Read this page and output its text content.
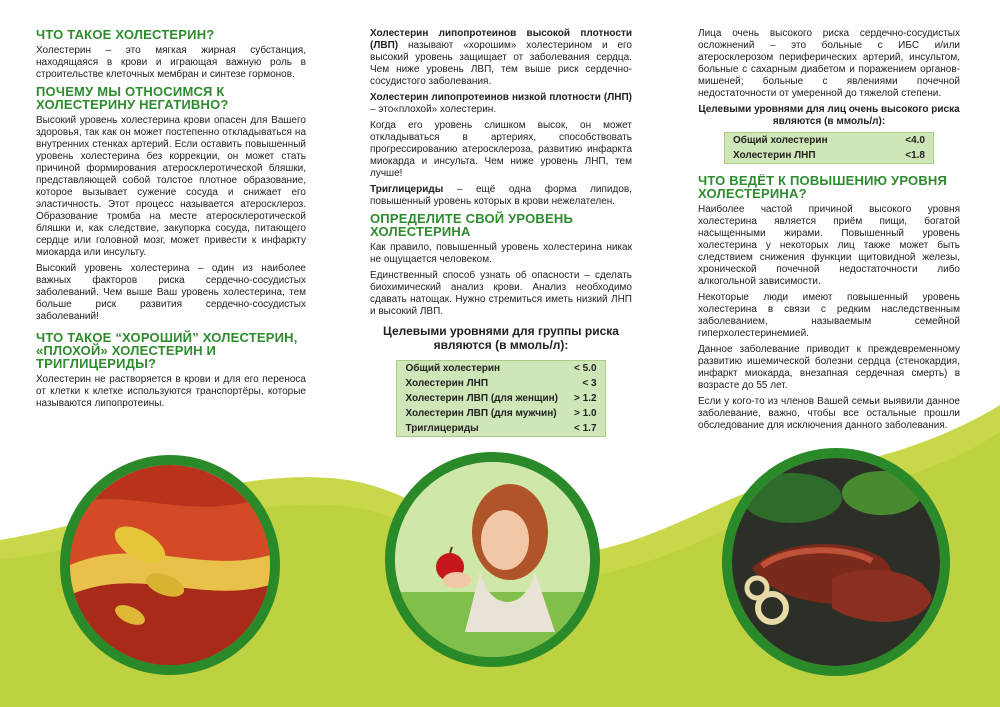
ЧТО ТАКОЕ ХОЛЕСТЕРИН?

Холестерин – это мягкая жирная субстанция, находящаяся в крови и играющая важную роль в строительстве клеточных мембран и синтезе гормонов.

ПОЧЕМУ МЫ ОТНОСИМСЯ К ХОЛЕСТЕРИНУ НЕГАТИВНО?

Высокий уровень холестерина крови опасен для Вашего здоровья, так как он может постепенно откладываться на внутренних стенках артерий. Если оставить повышенный уровень холестерина без коррекции, он может стать причиной формирования атеросклеротической бляшки, представляющей собой толстое плотное образование, которое вызывает сужение сосуда и снижает его эластичность. Этот процесс называется атеросклероз. Образование тромба на месте атеросклеротической бляшки и, как следствие, закупорка сосуда, питающего сердце или головной мозг, может привести к инфаркту миокарда или инсульту.

Высокий уровень холестерина – один из наиболее важных факторов риска сердечно-сосудистых заболеваний. Чем выше Ваш уровень холестерина, тем больше риск развития сердечно-сосудистых заболеваний!

ЧТО ТАКОЕ “ХОРОШИЙ” ХОЛЕСТЕРИН, «ПЛОХОЙ» ХОЛЕСТЕРИН И ТРИГЛИЦЕРИДЫ?

Холестерин не растворяется в крови и для его переноса от клетки к клетке используются транспортёры, которые называются липопротеины.

Холестерин липопротеинов высокой плотности (ЛВП) называют «хорошим» холестерином и его высокий уровень защищает от заболевания сердца. Чем ниже уровень ЛВП, тем выше риск сердечно-сосудистого заболевания.

Холестерин липопротеинов низкой плотности (ЛНП) – это«плохой» холестерин.

Когда его уровень слишком высок, он может откладываться в артериях, способствовать прогрессированию атеросклероза, развитию инфаркта миокарда и инсульта. Чем ниже уровень ЛНП, тем лучше!

Триглицериды – ещё одна форма липидов, повышенный уровень которых в крови нежелателен.

ОПРЕДЕЛИТЕ СВОЙ УРОВЕНЬ ХОЛЕСТЕРИНА

Как правило, повышенный уровень холестерина никак не ощущается человеком.

Единственный способ узнать об опасности – сделать биохимический анализ крови. Анализ необходимо сдавать натощак. Нужно стремиться иметь низкий ЛНП и высокий ЛВП.

Целевыми уровнями для группы риска являются (в ммоль/л):
Общий холестерин	< 5.0
Холестерин ЛНП	< 3
Холестерин ЛВП (для женщин)	> 1.2
Холестерин ЛВП (для мужчин)	> 1.0
Триглицериды	< 1.7

Лица очень высокого риска сердечно-сосудистых осложнений – это больные с ИБС и/или атеросклерозом периферических артерий, инсультом, больные с сахарным диабетом и поражением органов-мишеней; больные с явлениями почечной недостаточности от умеренной до тяжелой степени.

Целевыми уровнями для лиц очень высокого риска являются (в ммоль/л):
Общий холестерин	<4.0
Холестерин ЛНП	<1.8
ЧТО ВЕДЁТ К ПОВЫШЕНИЮ УРОВНЯ ХОЛЕСТЕРИНА?

Наиболее частой причиной высокого уровня холестерина является приём пищи, богатой насыщенными жирами. Повышенный уровень холестерина у некоторых лиц также может быть следствием снижения функции щитовидной железы, хронической почечной недостаточности либо алкогольной зависимости.

Некоторые люди имеют повышенный уровень холестерина в связи с редким наследственным заболеванием, называемым семейной гиперхолестеринемией.

Данное заболевание приводит к преждевременному развитию ишемической болезни сердца (стенокардия, инфаркт миокарда, внезапная сердечная смерть) в возрасте до 55 лет.

Если у кого-то из членов Вашей семьи выявили данное заболевание, важно, чтобы все остальные прошли обследование для исключения данного заболевания.
